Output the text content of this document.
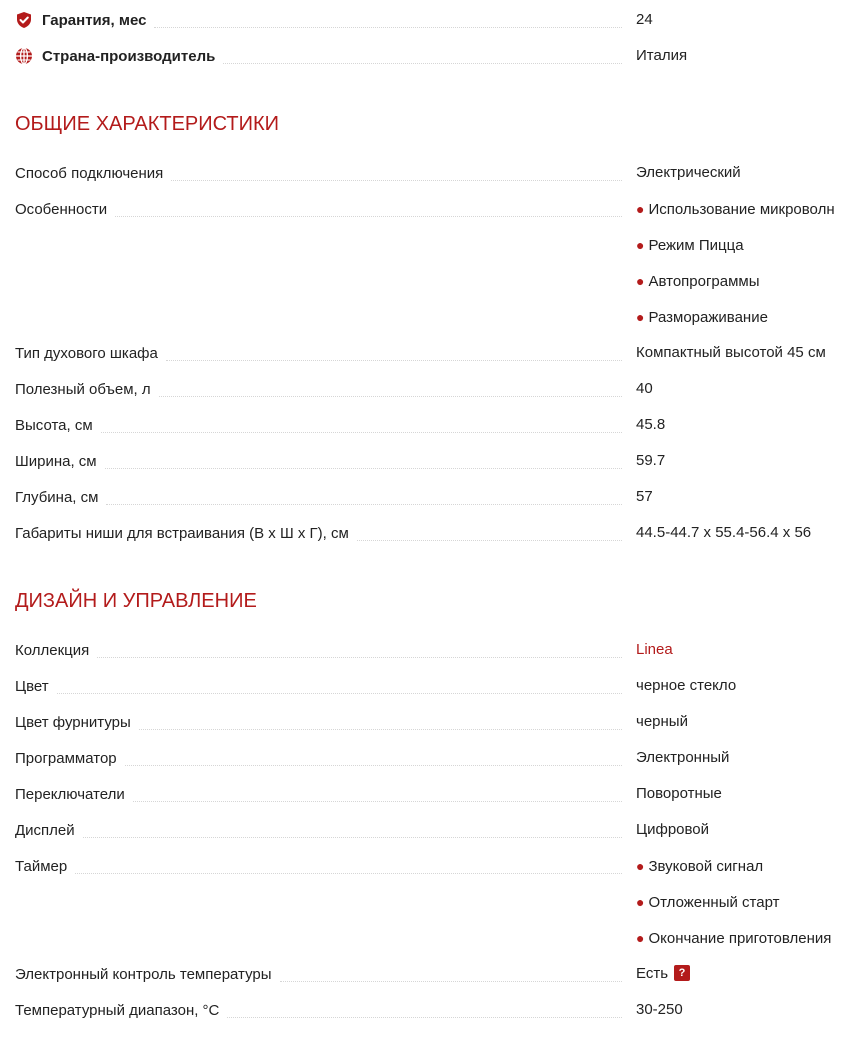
Гарантия, мес	24
Страна-производитель	Италия
ОБЩИЕ ХАРАКТЕРИСТИКИ
Способ подключения	Электрический
Особенности	● Использование микроволн
● Режим Пицца
● Автопрограммы
● Размораживание
Тип духового шкафа	Компактный высотой 45 см
Полезный объем, л	40
Высота, см	45.8
Ширина, см	59.7
Глубина, см	57
Габариты ниши для встраивания (В х Ш х Г), см	44.5-44.7 х 55.4-56.4 х 56
ДИЗАЙН И УПРАВЛЕНИЕ
Коллекция	Linea
Цвет	черное стекло
Цвет фурнитуры	черный
Программатор	Электронный
Переключатели	Поворотные
Дисплей	Цифровой
Таймер	● Звуковой сигнал
● Отложенный старт
● Окончание приготовления
Электронный контроль температуры	Есть ?
Температурный диапазон, °C	30-250
